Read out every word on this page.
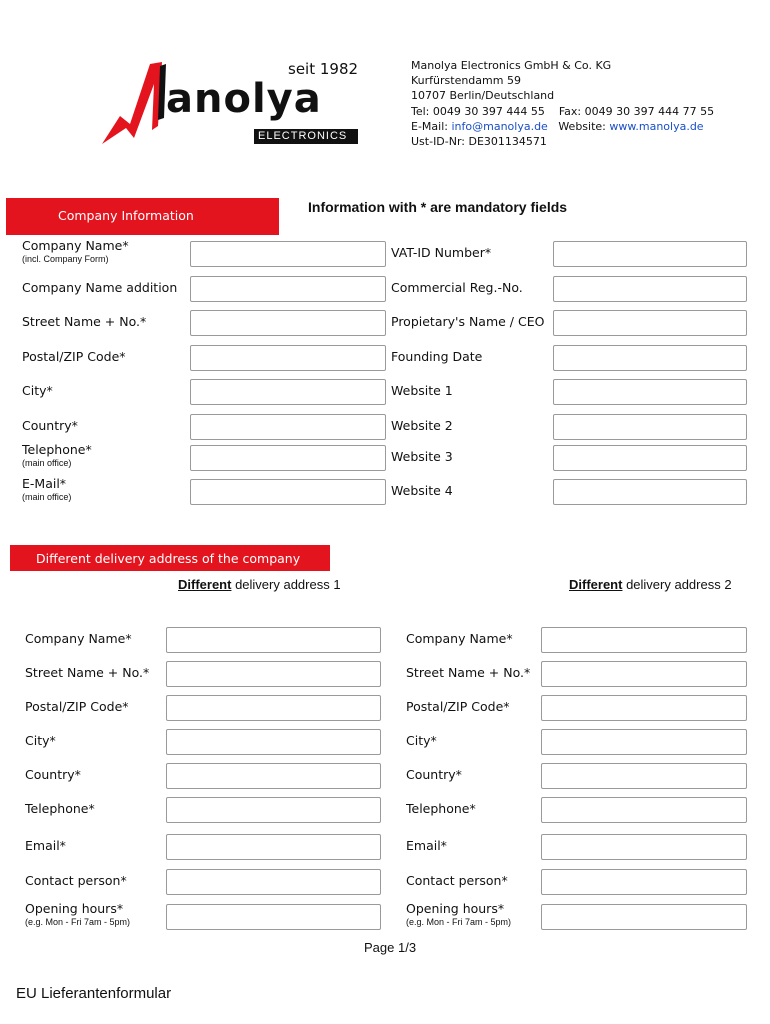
seit 1982
anolya
ELECTRONICS
Manolya Electronics GmbH & Co. KG
Kurfürstendamm 59
10707 Berlin/Deutschland
Tel: 0049 30 397 444 55 Fax: 0049 30 397 444 77 55
E-Mail: info@manolya.de Website: www.manolya.de
Ust-ID-Nr: DE301134571
Company Information
Information with * are mandatory fields
Company Name*
(incl. Company Form)
Company Name addition
Street Name + No.*
Postal/ZIP Code*
City*
Country*
Telephone*
(main office)
E-Mail*
(main office)
VAT-ID Number*
Commercial Reg.-No.
Propietary's Name / CEO
Founding Date
Website 1
Website 2
Website 3
Website 4
Different delivery address of the company
Different delivery address 1	Different delivery address 2
Company Name*
Street Name + No.*
Postal/ZIP Code*
City*
Country*
Telephone*
Email*
Contact person*
Opening hours*
(e.g. Mon - Fri 7am - 5pm)
Company Name*
Street Name + No.*
Postal/ZIP Code*
City*
Country*
Telephone*
Email*
Contact person*
Opening hours*
(e.g. Mon - Fri 7am - 5pm)
Page 1/3
EU Lieferantenformular
